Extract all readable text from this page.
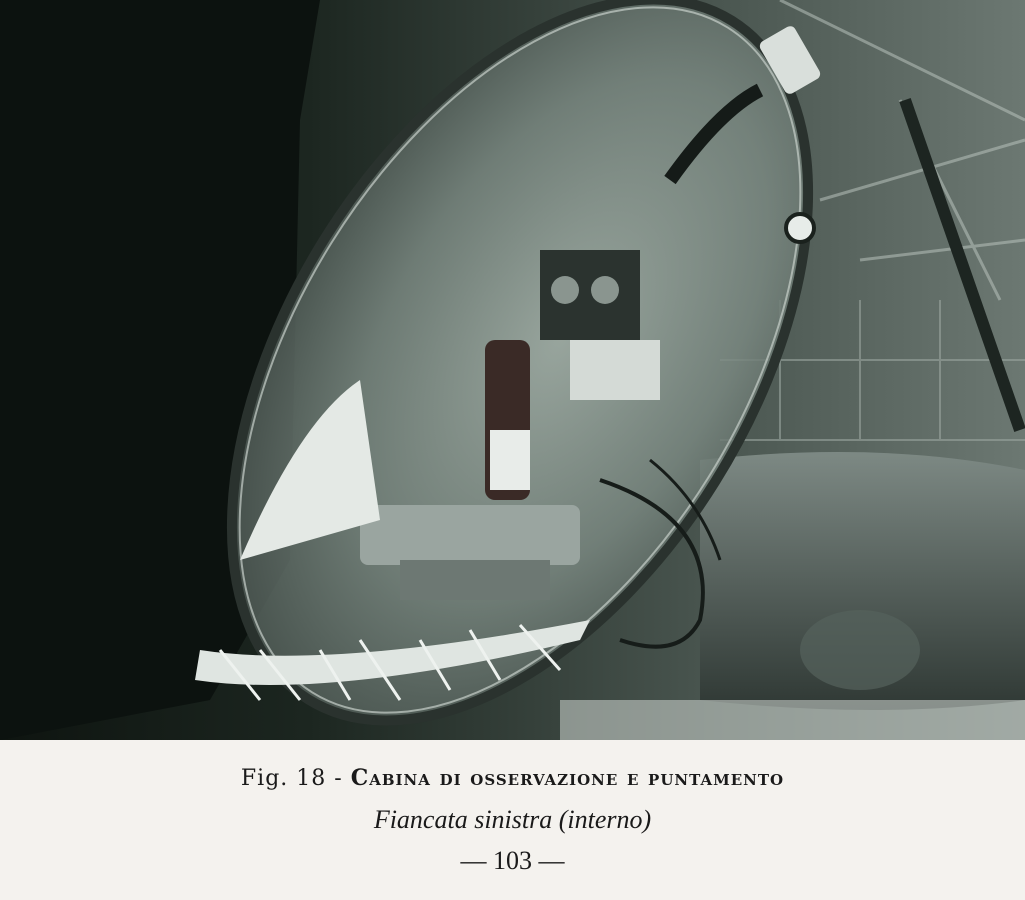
Fig. 18 - Cabina di osservazione e puntamento
Fiancata sinistra (interno)
— 103 —
